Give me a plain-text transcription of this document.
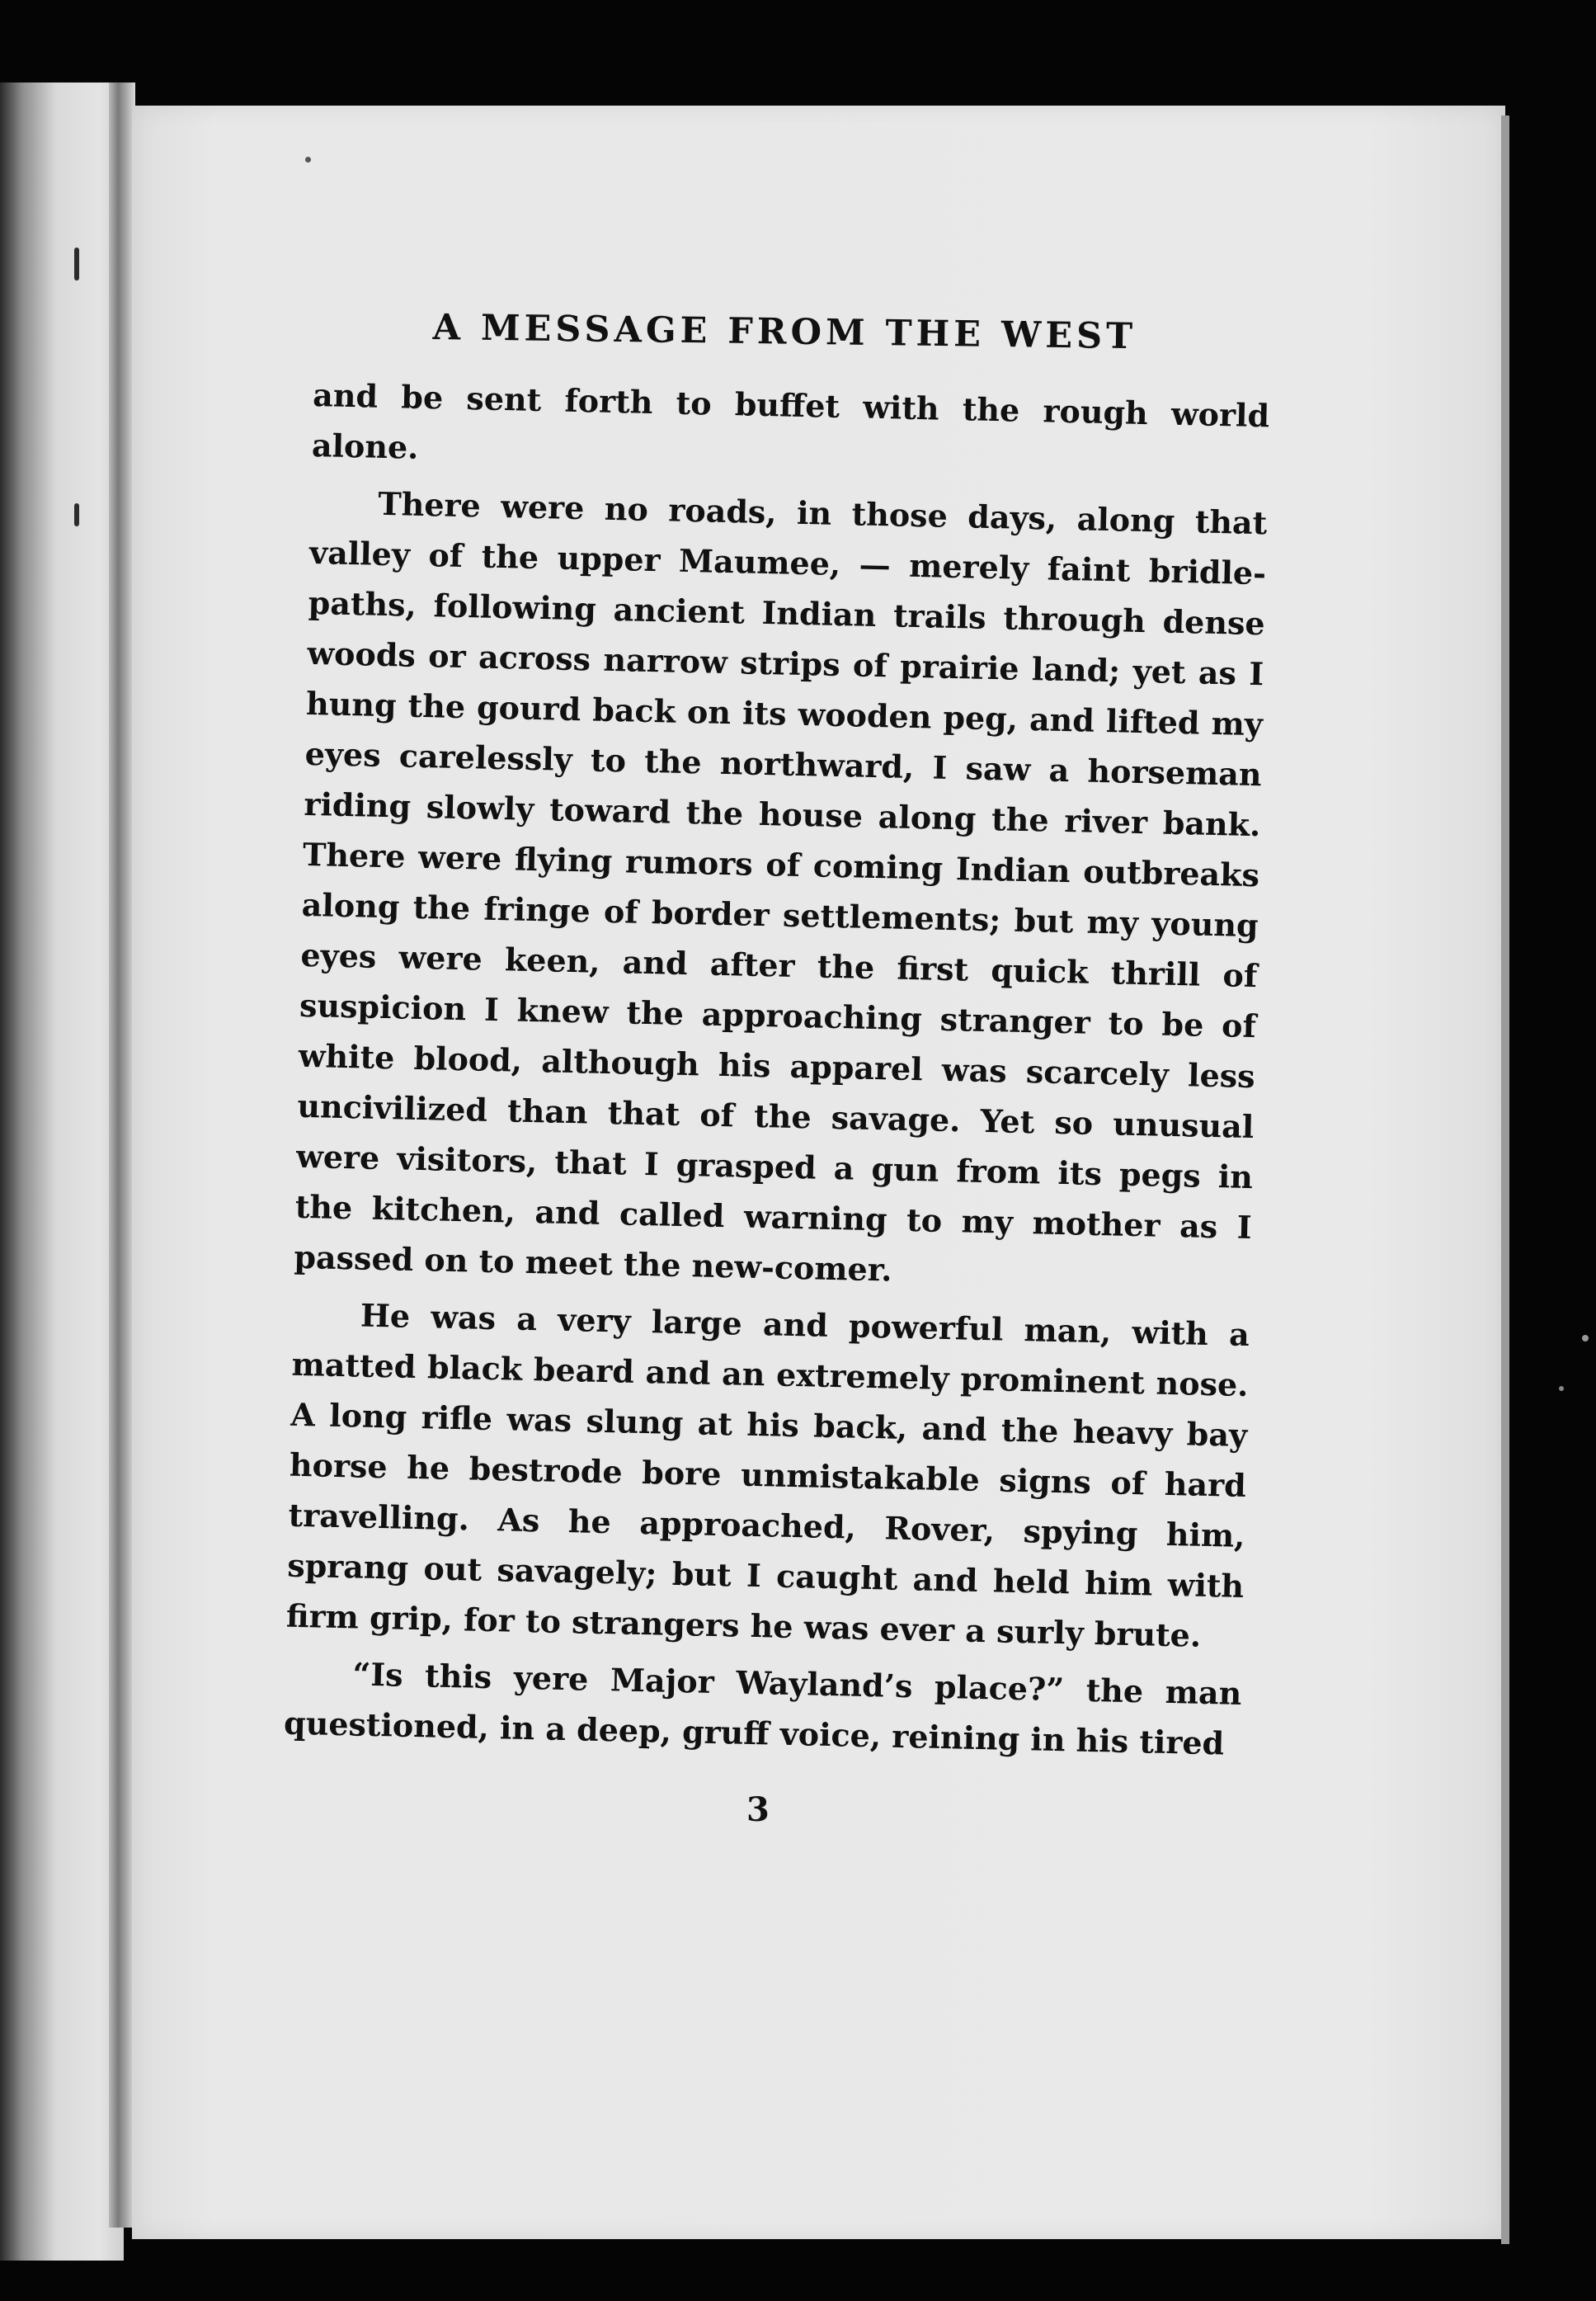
A MESSAGE FROM THE WEST

and be sent forth to buffet with the rough world alone.

There were no roads, in those days, along that valley of the upper Maumee, — merely faint bridle-paths, following ancient Indian trails through dense woods or across narrow strips of prairie land; yet as I hung the gourd back on its wooden peg, and lifted my eyes carelessly to the northward, I saw a horseman riding slowly toward the house along the river bank. There were flying rumors of coming Indian outbreaks along the fringe of border settlements; but my young eyes were keen, and after the first quick thrill of suspicion I knew the approaching stranger to be of white blood, although his apparel was scarcely less uncivilized than that of the savage. Yet so unusual were visitors, that I grasped a gun from its pegs in the kitchen, and called warning to my mother as I passed on to meet the new-comer.

He was a very large and powerful man, with a matted black beard and an extremely prominent nose. A long rifle was slung at his back, and the heavy bay horse he bestrode bore unmistakable signs of hard travelling. As he approached, Rover, spying him, sprang out savagely; but I caught and held him with firm grip, for to strangers he was ever a surly brute.

“Is this yere Major Wayland’s place?” the man questioned, in a deep, gruff voice, reining in his tired

3
